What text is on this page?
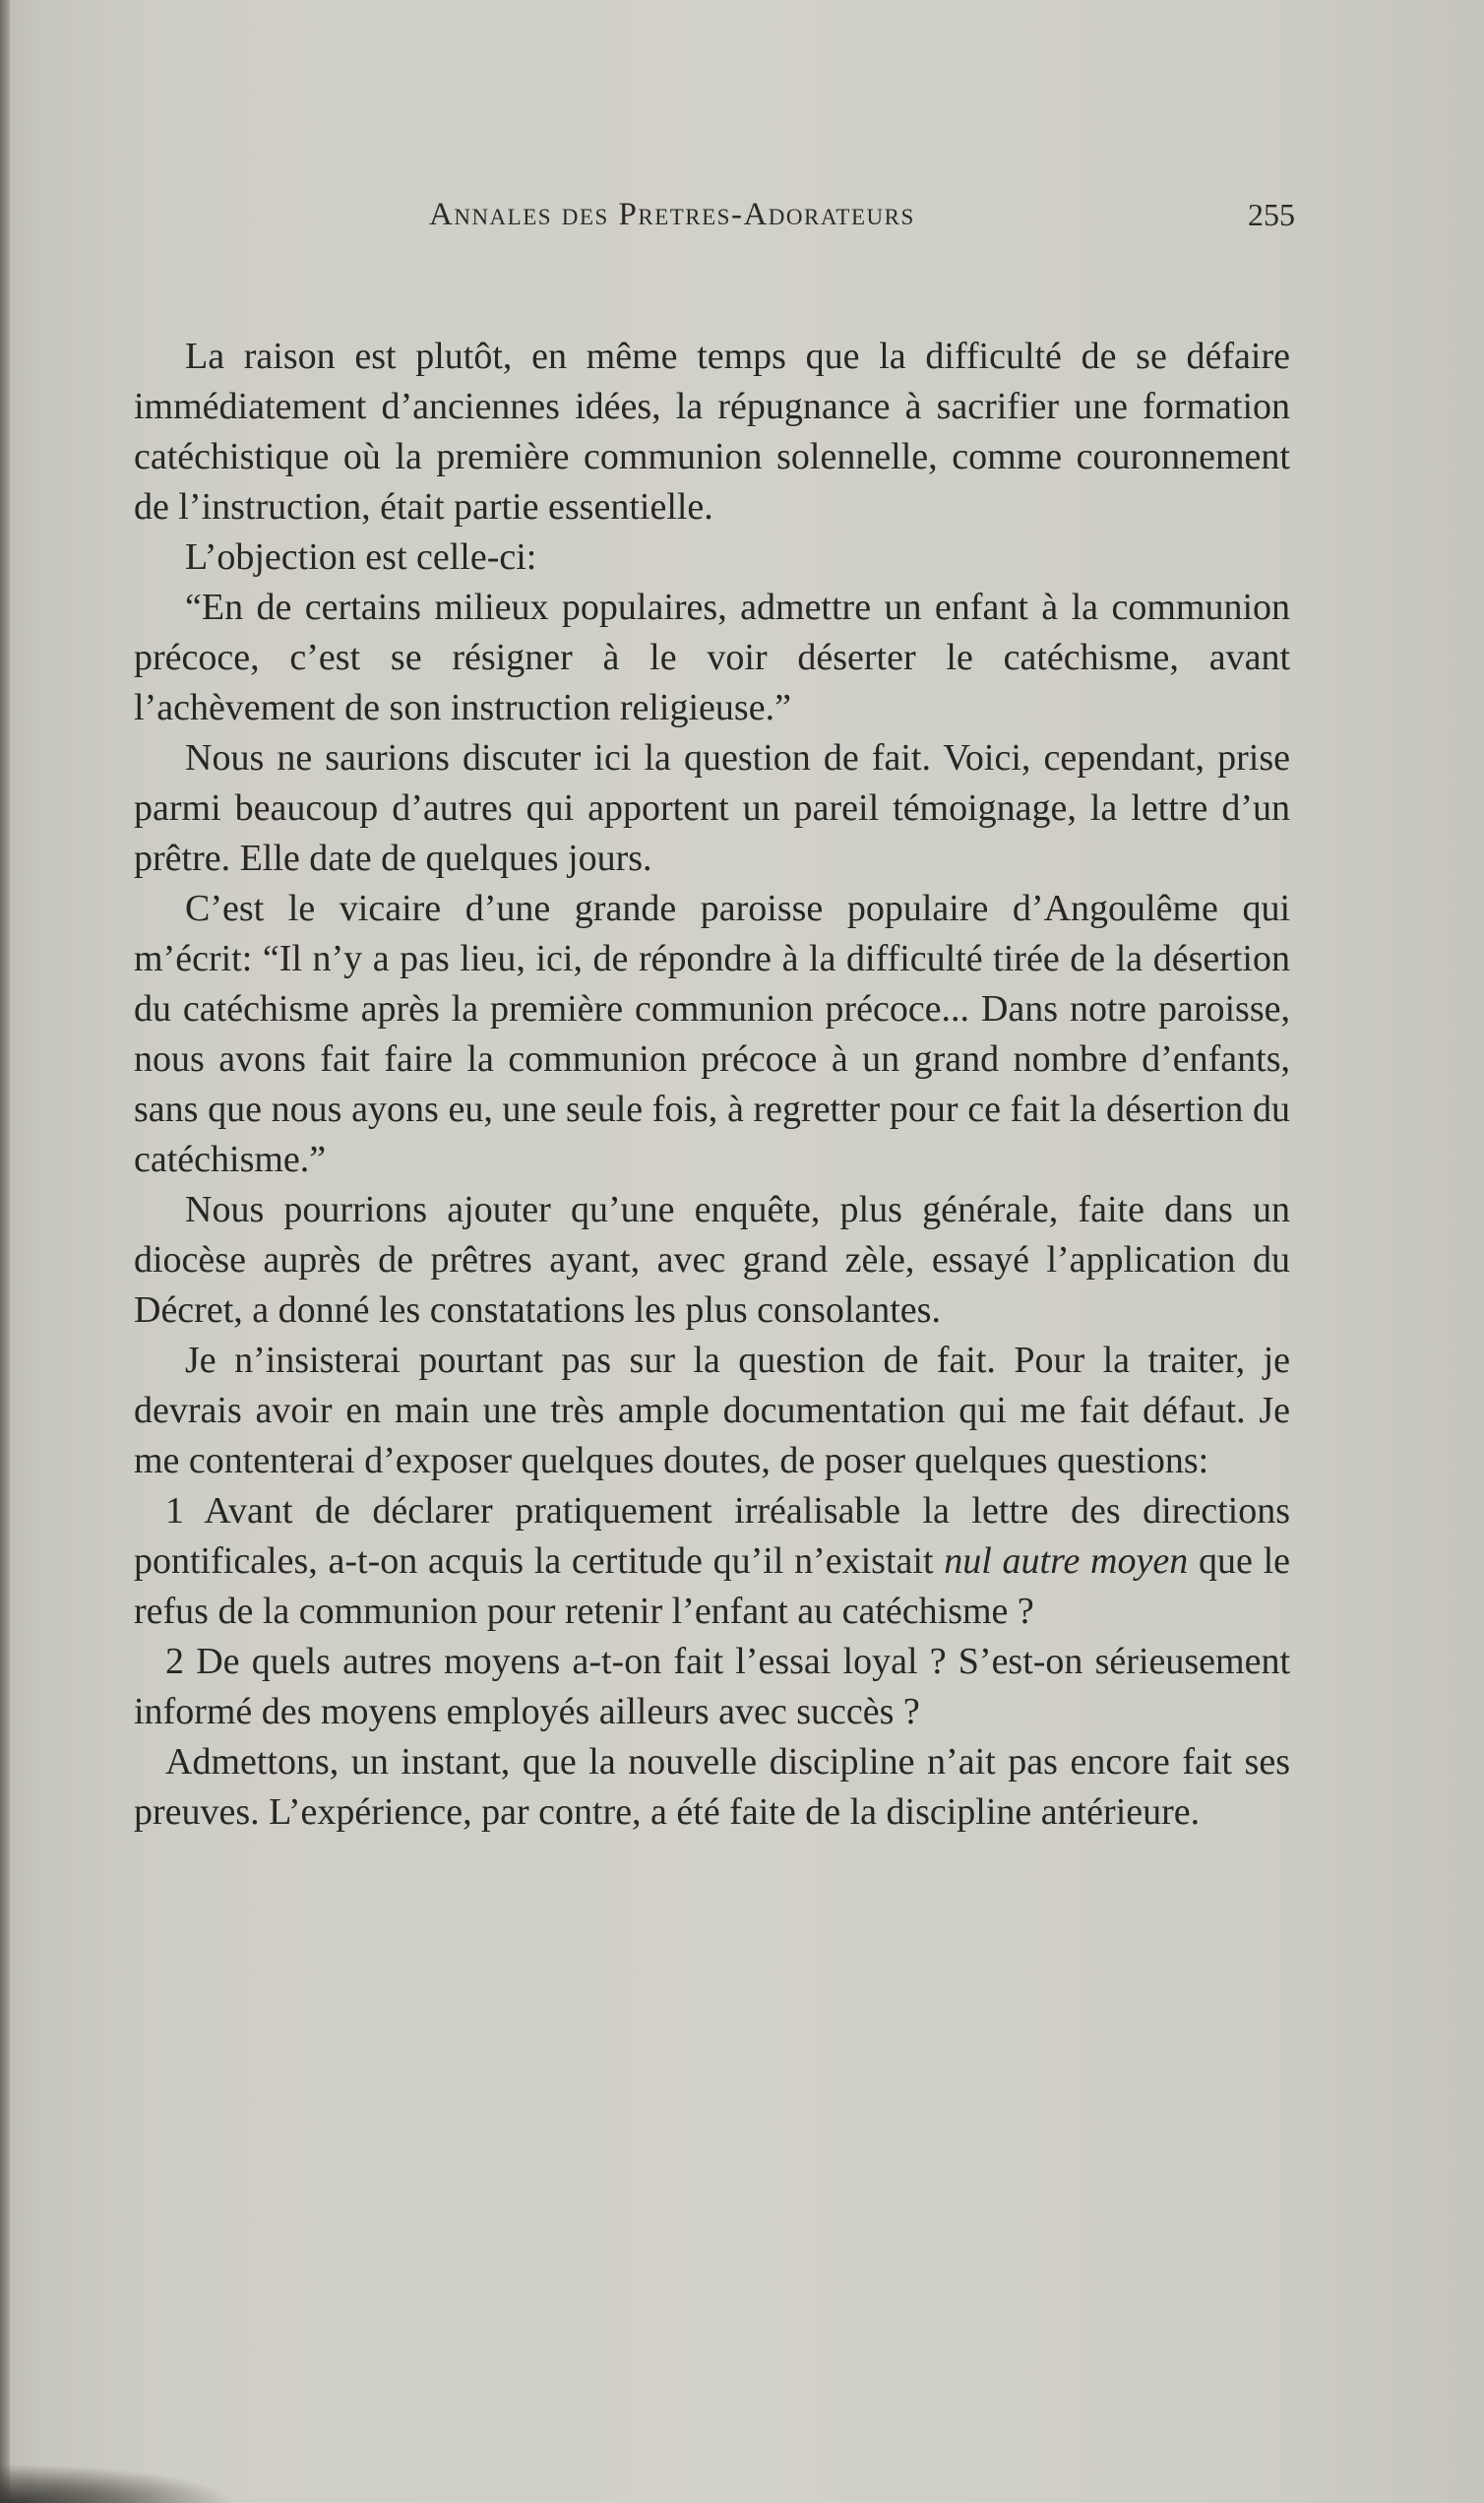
Annales des Pretres-Adorateurs	255

La raison est plutôt, en même temps que la difficulté de se défaire immédiatement d’anciennes idées, la répugnance à sacrifier une formation catéchistique où la première communion solennelle, comme couronnement de l’instruction, était partie essentielle.

L’objection est celle-ci:

“En de certains milieux populaires, admettre un enfant à la communion précoce, c’est se résigner à le voir déserter le catéchisme, avant l’achèvement de son instruction religieuse.”

Nous ne saurions discuter ici la question de fait. Voici, cependant, prise parmi beaucoup d’autres qui apportent un pareil témoignage, la lettre d’un prêtre. Elle date de quelques jours.

C’est le vicaire d’une grande paroisse populaire d’Angoulême qui m’écrit: “Il n’y a pas lieu, ici, de répondre à la difficulté tirée de la désertion du catéchisme après la première communion précoce... Dans notre paroisse, nous avons fait faire la communion précoce à un grand nombre d’enfants, sans que nous ayons eu, une seule fois, à regretter pour ce fait la désertion du catéchisme.”

Nous pourrions ajouter qu’une enquête, plus générale, faite dans un diocèse auprès de prêtres ayant, avec grand zèle, essayé l’application du Décret, a donné les constatations les plus consolantes.

Je n’insisterai pourtant pas sur la question de fait. Pour la traiter, je devrais avoir en main une très ample documentation qui me fait défaut. Je me contenterai d’exposer quelques doutes, de poser quelques questions:

1 Avant de déclarer pratiquement irréalisable la lettre des directions pontificales, a-t-on acquis la certitude qu’il n’existait nul autre moyen que le refus de la communion pour retenir l’enfant au catéchisme ?

2 De quels autres moyens a-t-on fait l’essai loyal ? S’est-on sérieusement informé des moyens employés ailleurs avec succès ?

Admettons, un instant, que la nouvelle discipline n’ait pas encore fait ses preuves. L’expérience, par contre, a été faite de la discipline antérieure.
